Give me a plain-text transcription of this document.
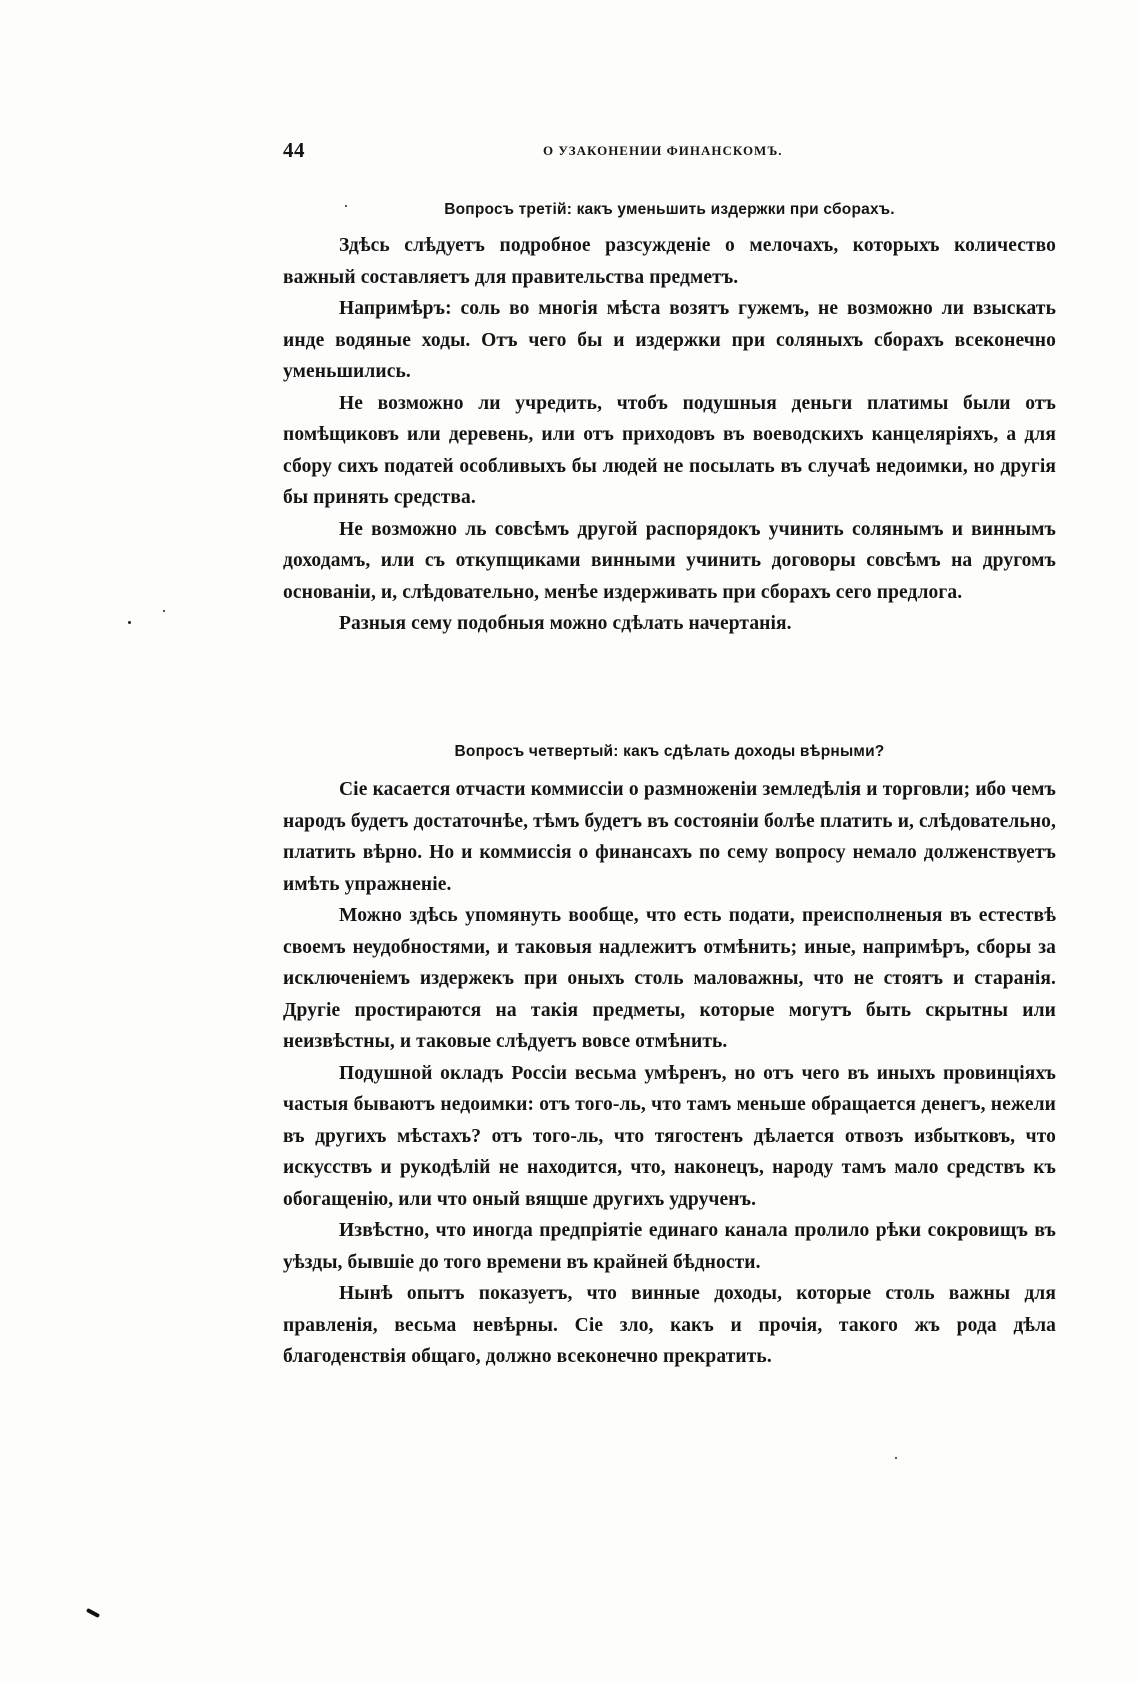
44	О УЗАКОНЕНИИ ФИНАНСКОМЪ.

Вопросъ третій: какъ уменьшить издержки при сборахъ.

Здѣсь слѣдуетъ подробное разсужденіе о мелочахъ, которыхъ количество важный составляетъ для правительства предметъ.

Напримѣръ: соль во многія мѣста возятъ гужемъ, не возможно ли взыскать инде водяные ходы. Отъ чего бы и издержки при соляныхъ сборахъ всеконечно уменьшились.

Не возможно ли учредить, чтобъ подушныя деньги платимы были отъ помѣщиковъ или деревень, или отъ приходовъ въ воеводскихъ канцеляріяхъ, а для сбору сихъ податей особливыхъ бы людей не посылать въ случаѣ недоимки, но другія бы принять средства.

Не возможно ль совсѣмъ другой распорядокъ учинить солянымъ и виннымъ доходамъ, или съ откупщиками винными учинить договоры совсѣмъ на другомъ основаніи, и, слѣдовательно, менѣе издерживать при сборахъ сего предлога.

Разныя сему подобныя можно сдѣлать начертанія.

Вопросъ четвертый: какъ сдѣлать доходы вѣрными?

Сіе касается отчасти коммиссіи о размноженіи земледѣлія и торговли; ибо чемъ народъ будетъ достаточнѣе, тѣмъ будетъ въ состояніи болѣе платить и, слѣдовательно, платить вѣрно. Но и коммиссія о финансахъ по сему вопросу немало долженствуетъ имѣть упражненіе.

Можно здѣсь упомянуть вообще, что есть подати, преисполненыя въ естествѣ своемъ неудобностями, и таковыя надлежитъ отмѣнить; иные, напримѣръ, сборы за исключеніемъ издержекъ при оныхъ столь маловажны, что не стоятъ и старанія. Другіе простираются на такія предметы, которые могутъ быть скрытны или неизвѣстны, и таковые слѣдуетъ вовсе отмѣнить.

Подушной окладъ Россіи весьма умѣренъ, но отъ чего въ иныхъ провинціяхъ частыя бываютъ недоимки: отъ того-ль, что тамъ меньше обращается денегъ, нежели въ другихъ мѣстахъ? отъ того-ль, что тягостенъ дѣлается отвозъ избытковъ, что искусствъ и рукодѣлій не находится, что, наконецъ, народу тамъ мало средствъ къ обогащенію, или что оный вящше другихъ удрученъ.

Извѣстно, что иногда предпріятіе единаго канала пролило рѣки сокровищъ въ уѣзды, бывшіе до того времени въ крайней бѣдности.

Нынѣ опытъ показуетъ, что винные доходы, которые столь важны для правленія, весьма невѣрны. Сіе зло, какъ и прочія, такого жъ рода дѣла благоденствія общаго, должно всеконечно прекратить.
